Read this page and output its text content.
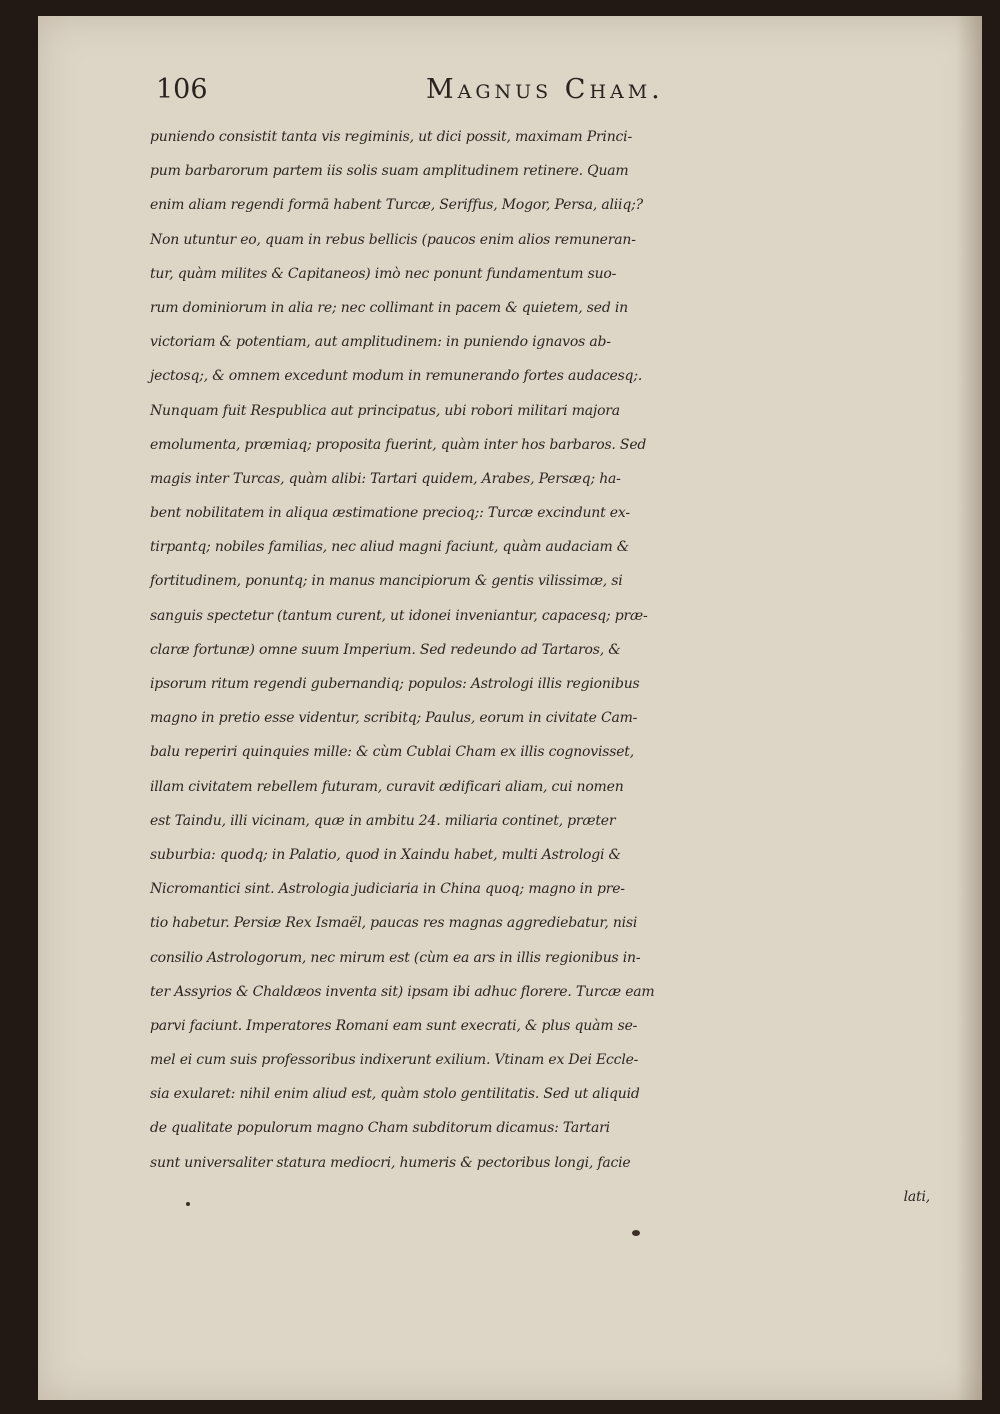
106	Magnus Cham.
puniendo consistit tanta vis regiminis, ut dici possit, maximam Princi-
pum barbarorum partem iis solis suam amplitudinem retinere. Quam
enim aliam regendi formā habent Turcæ, Seriffus, Mogor, Persa, aliiq;?
Non utuntur eo, quam in rebus bellicis (paucos enim alios remuneran-
tur, quàm milites & Capitaneos) imò nec ponunt fundamentum suo-
rum dominiorum in alia re; nec collimant in pacem & quietem, sed in
victoriam & potentiam, aut amplitudinem: in puniendo ignavos ab-
jectosq;, & omnem excedunt modum in remunerando fortes audacesq;.
Nunquam fuit Respublica aut principatus, ubi robori militari majora
emolumenta, præmiaq; proposita fuerint, quàm inter hos barbaros. Sed
magis inter Turcas, quàm alibi: Tartari quidem, Arabes, Persæq; ha-
bent nobilitatem in aliqua æstimatione precioq;: Turcæ excindunt ex-
tirpantq; nobiles familias, nec aliud magni faciunt, quàm audaciam &
fortitudinem, ponuntq; in manus mancipiorum & gentis vilissimæ, si
sanguis spectetur (tantum curent, ut idonei inveniantur, capacesq; præ-
claræ fortunæ) omne suum Imperium. Sed redeundo ad Tartaros, &
ipsorum ritum regendi gubernandiq; populos: Astrologi illis regionibus
magno in pretio esse videntur, scribitq; Paulus, eorum in civitate Cam-
balu reperiri quinquies mille: & cùm Cublai Cham ex illis cognovisset,
illam civitatem rebellem futuram, curavit ædificari aliam, cui nomen
est Taindu, illi vicinam, quæ in ambitu 24. miliaria continet, præter
suburbia: quodq; in Palatio, quod in Xaindu habet, multi Astrologi &
Nicromantici sint. Astrologia judiciaria in China quoq; magno in pre-
tio habetur. Persiæ Rex Ismaël, paucas res magnas aggrediebatur, nisi
consilio Astrologorum, nec mirum est (cùm ea ars in illis regionibus in-
ter Assyrios & Chaldæos inventa sit) ipsam ibi adhuc florere. Turcæ eam
parvi faciunt. Imperatores Romani eam sunt execrati, & plus quàm se-
mel ei cum suis professoribus indixerunt exilium. Vtinam ex Dei Eccle-
sia exularet: nihil enim aliud est, quàm stolo gentilitatis. Sed ut aliquid
de qualitate populorum magno Cham subditorum dicamus: Tartari
sunt universaliter statura mediocri, humeris & pectoribus longi, facie
lati,
